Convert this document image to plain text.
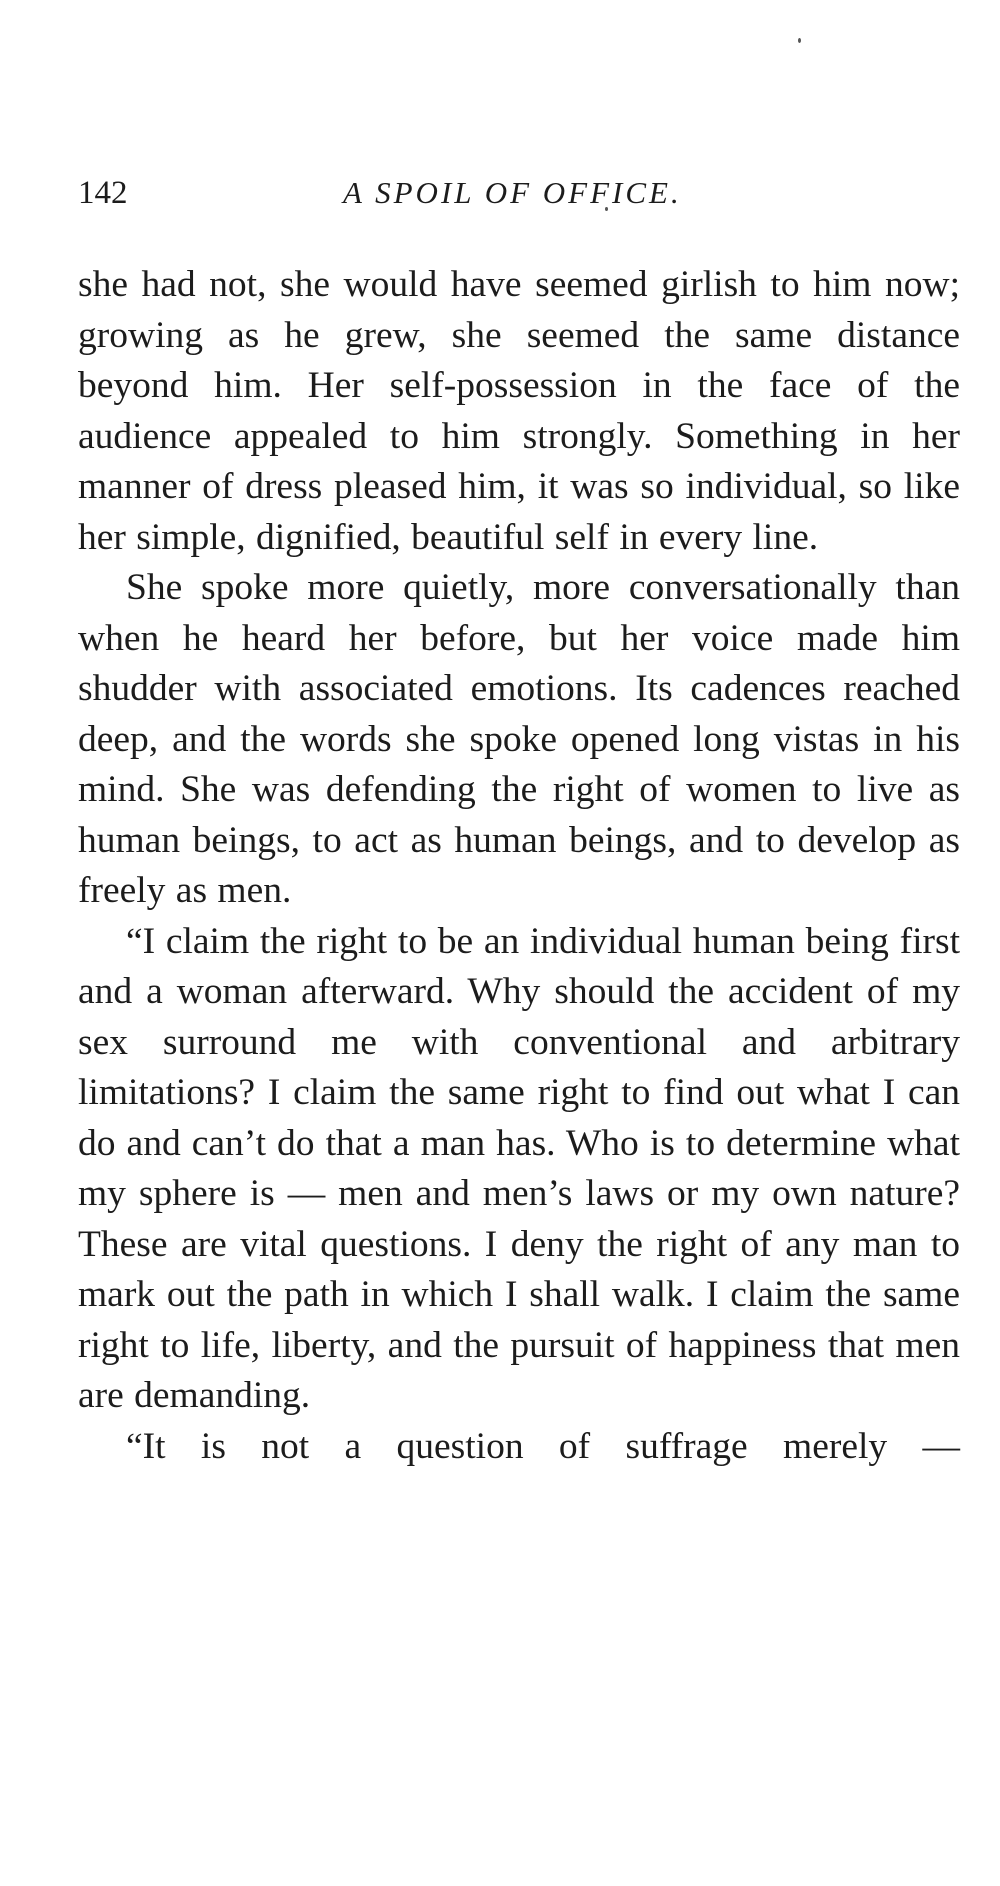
142	A SPOIL OF OFFICE.

she had not, she would have seemed girlish to him now; growing as he grew, she seemed the same distance beyond him. Her self-possession in the face of the audience appealed to him strongly. Something in her manner of dress pleased him, it was so individual, so like her simple, dignified, beautiful self in every line.

She spoke more quietly, more conversationally than when he heard her before, but her voice made him shudder with associated emotions. Its cadences reached deep, and the words she spoke opened long vistas in his mind. She was defending the right of women to live as human beings, to act as human beings, and to develop as freely as men.

“I claim the right to be an individual human being first and a woman afterward. Why should the accident of my sex surround me with conventional and arbitrary limitations? I claim the same right to find out what I can do and can’t do that a man has. Who is to determine what my sphere is — men and men’s laws or my own nature? These are vital questions. I deny the right of any man to mark out the path in which I shall walk. I claim the same right to life, liberty, and the pursuit of happiness that men are demanding.

“It is not a question of suffrage merely —
